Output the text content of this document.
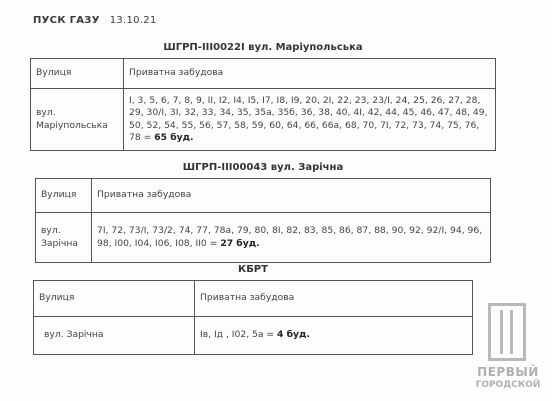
ПУСК ГАЗУ 13.10.21
ШГРП-III0022I вул. Маріупольська
Вулиця	Приватна забудова
вул. Маріупольська	I, 3, 5, 6, 7, 8, 9, II, I2, I4, I5, I7, I8, I9, 20, 2I, 22, 23, 23/I, 24, 25, 26, 27, 28, 29, 30/I, 3I, 32, 33, 34, 35, 35а, 35б, 36, 38, 40, 4I, 42, 44, 45, 46, 47, 48, 49, 50, 52, 54, 55, 56, 57, 58, 59, 60, 64, 66, 66а, 68, 70, 7I, 72, 73, 74, 75, 76, 78 = 65 буд.
ШГРП-III00043 вул. Зарічна
Вулиця	Приватна забудова
вул. Зарічна	7I, 72, 73/I, 73/2, 74, 77, 78а, 79, 80, 8I, 82, 83, 85, 86, 87, 88, 90, 92, 92/I, 94, 96, 98, I00, I04, I06, I08, II0 = 27 буд.
КБРТ
Вулиця	Приватна забудова
вул. Зарічна	Iв, Iд , I02, 5а = 4 буд.
ПЕРВЫЙ
ГОРОДСКОЙ
